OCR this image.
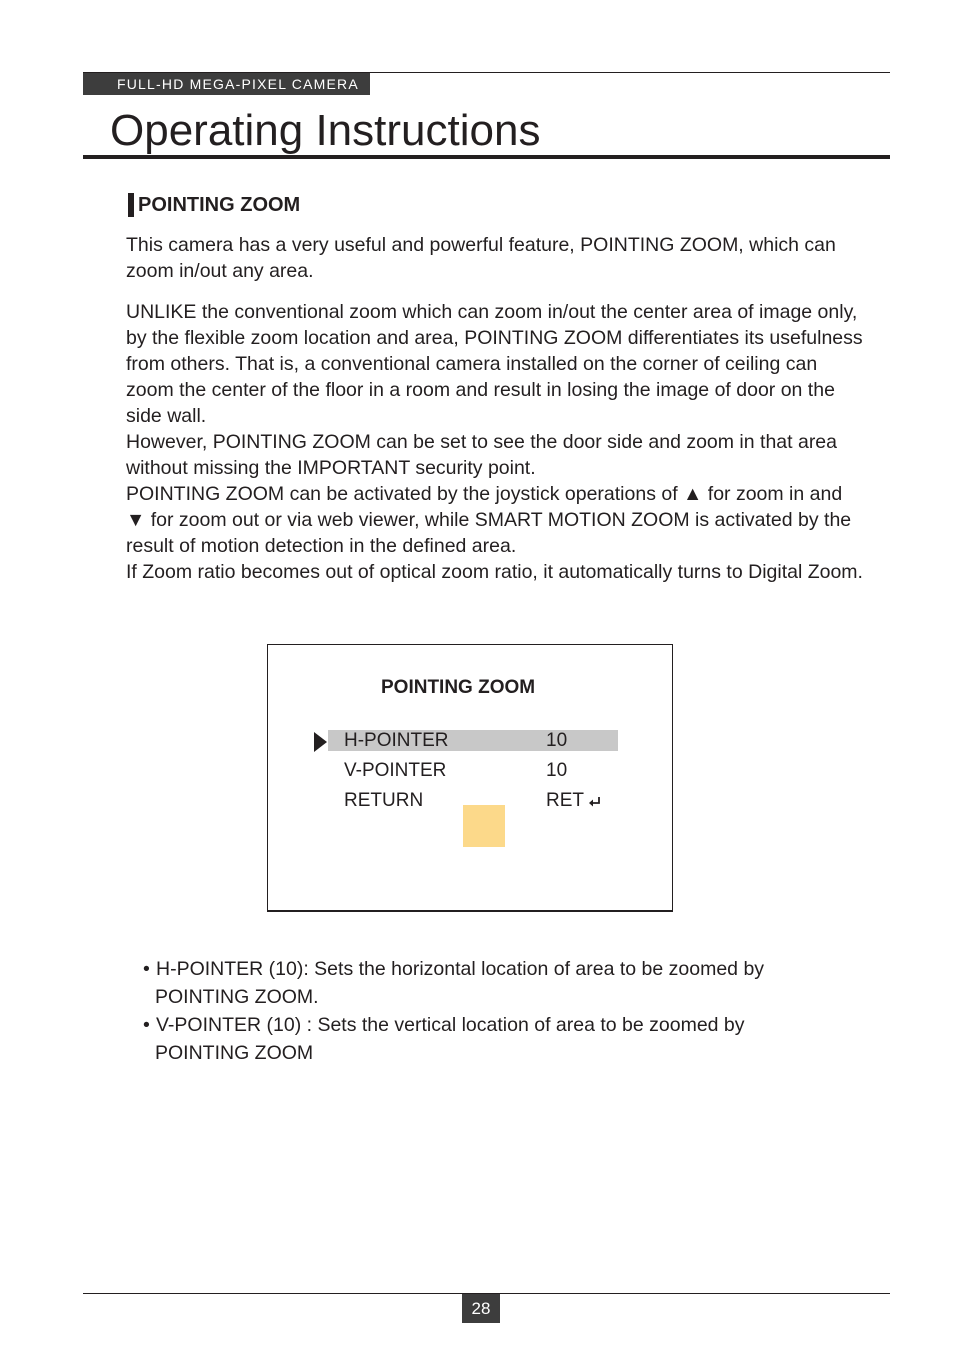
FULL-HD MEGA-PIXEL CAMERA
Operating Instructions
POINTING ZOOM

This camera has a very useful and powerful feature, POINTING ZOOM, which can zoom in/out any area.

UNLIKE the conventional zoom which can zoom in/out the center area of image only, by the flexible zoom location and area, POINTING ZOOM differentiates its usefulness from others. That is, a conventional camera installed on the corner of ceiling can zoom the center of the floor in a room and result in losing the image of door on the side wall.

However, POINTING ZOOM can be set to see the door side and zoom in that area without missing the IMPORTANT security point.

POINTING ZOOM can be activated by the joystick operations of ▲ for zoom in and ▼ for zoom out or via web viewer, while SMART MOTION ZOOM is activated by the result of motion detection in the defined area.

If Zoom ratio becomes out of optical zoom ratio, it automatically turns to Digital Zoom.

POINTING ZOOM
H-POINTER	10
V-POINTER	10
RETURN	RET
• H-POINTER (10): Sets the horizontal location of area to be zoomed by
POINTING ZOOM.
• V-POINTER (10) : Sets the vertical location of area to be zoomed by
POINTING ZOOM
28
